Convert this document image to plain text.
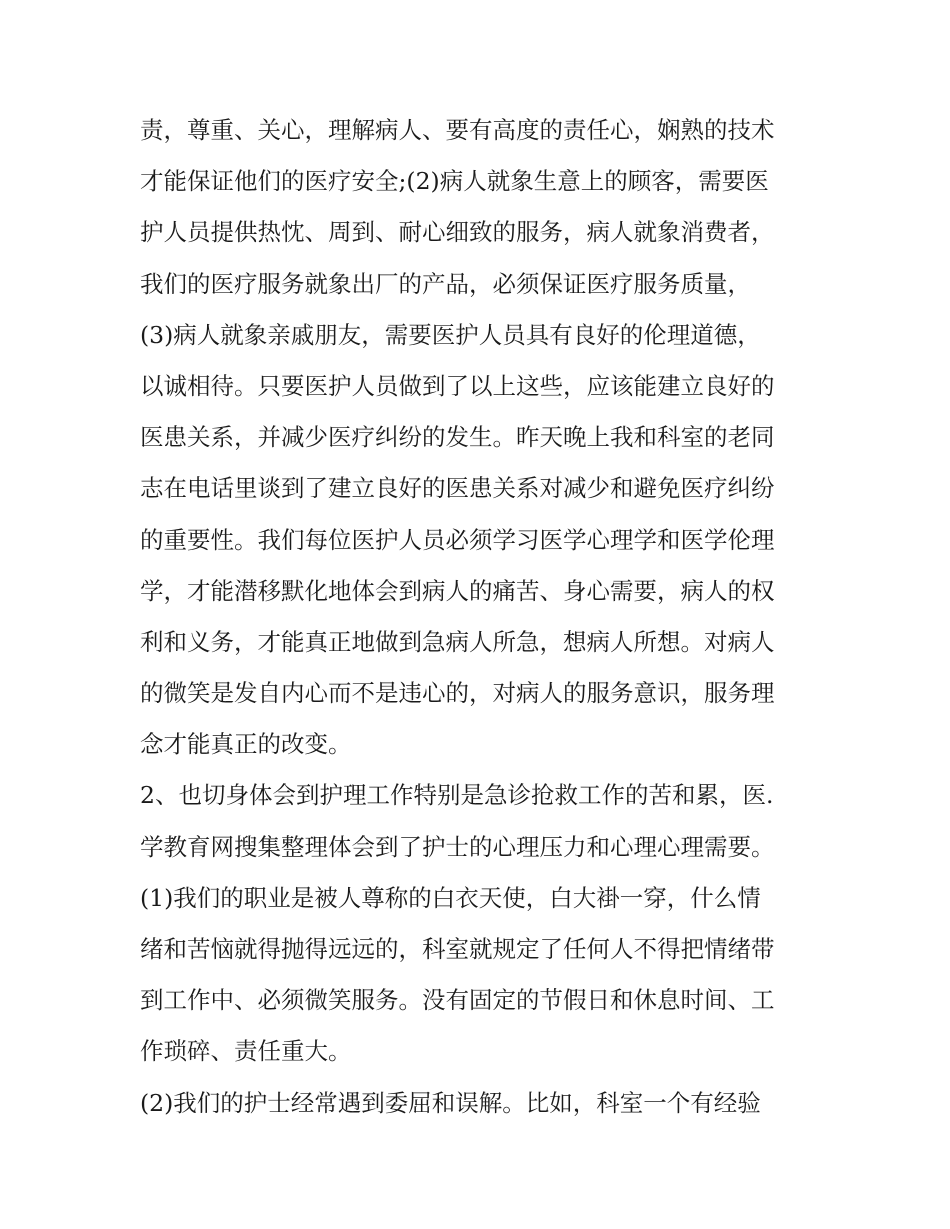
责，尊重、关心，理解病人、要有高度的责任心，娴熟的技术
才能保证他们的医疗安全;(2)病人就象生意上的顾客，需要医
护人员提供热忱、周到、耐心细致的服务，病人就象消费者，
我们的医疗服务就象出厂的产品，必须保证医疗服务质量，
(3)病人就象亲戚朋友，需要医护人员具有良好的伦理道德，
以诚相待。只要医护人员做到了以上这些，应该能建立良好的
医患关系，并减少医疗纠纷的发生。昨天晚上我和科室的老同
志在电话里谈到了建立良好的医患关系对减少和避免医疗纠纷
的重要性。我们每位医护人员必须学习医学心理学和医学伦理
学，才能潜移默化地体会到病人的痛苦、身心需要，病人的权
利和义务，才能真正地做到急病人所急，想病人所想。对病人
的微笑是发自内心而不是违心的，对病人的服务意识，服务理
念才能真正的改变。
2、也切身体会到护理工作特别是急诊抢救工作的苦和累，医.
学教育网搜集整理体会到了护士的心理压力和心理心理需要。
(1)我们的职业是被人尊称的白衣天使，白大褂一穿，什么情
绪和苦恼就得抛得远远的，科室就规定了任何人不得把情绪带
到工作中、必须微笑服务。没有固定的节假日和休息时间、工
作琐碎、责任重大。
(2)我们的护士经常遇到委屈和误解。比如，科室一个有经验
